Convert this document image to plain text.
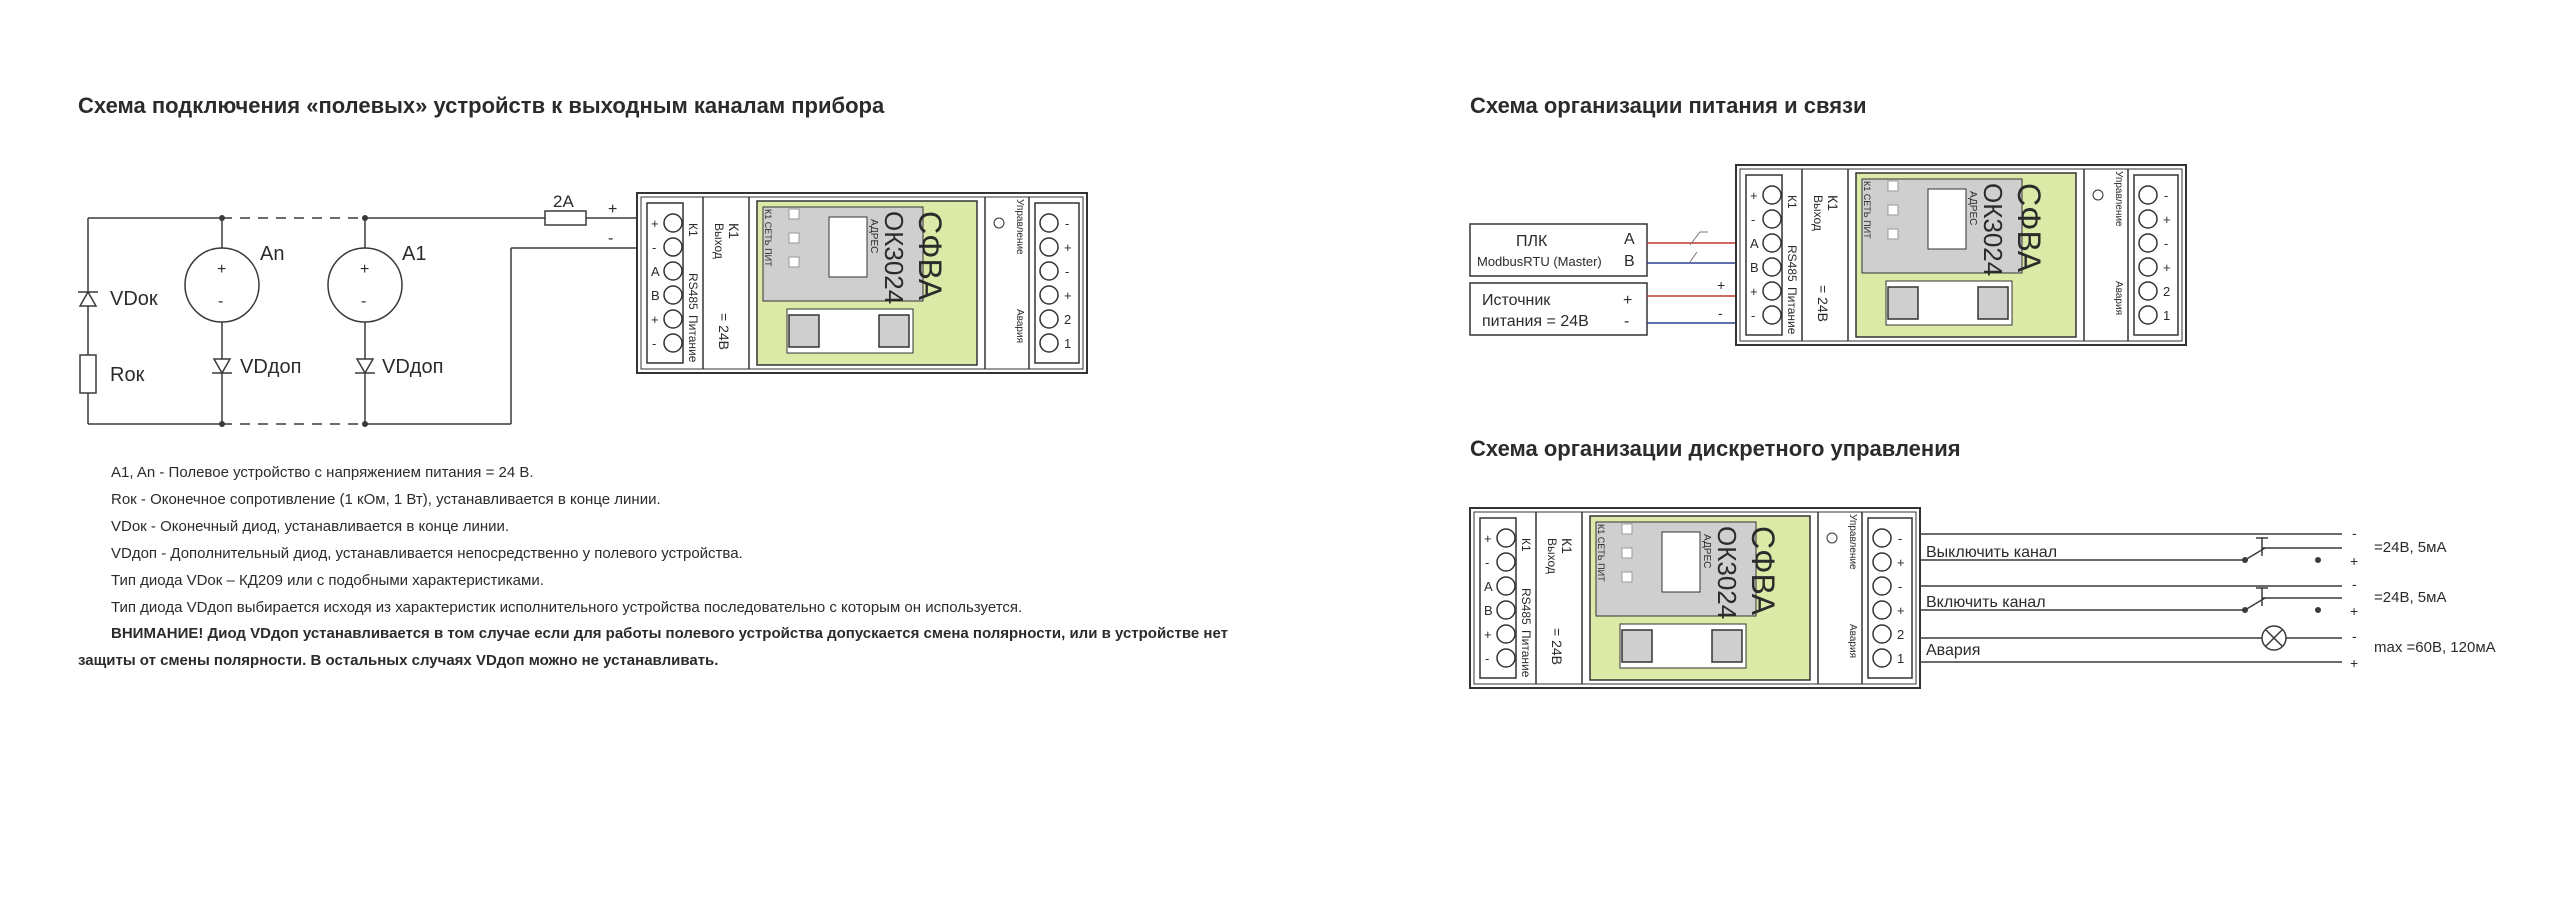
Схема подключения «полевых» устройств к выходным каналам прибора	Схема организации питания и связи
Схема организации дискретного управления
2A +
-
+
-
+
-
VDок
Rок
An	A1
VDдоп	VDдоп
+
-
А
В
+
-
-
+
-
+
2
1
К1
RS485
Питание
К1
Выход
= 24В
К1 СЕТЬ ПИТ	АДРЕС СФВА
ОК3024	Управление
Авария
ПЛК
ModbusRTU (Master)
A
B
Источник
питания = 24В
+
-
+
-
+
-
А
В
+
-
-
+
-
+
2
1
К1
RS485
Питание
К1
Выход
= 24В
К1 СЕТЬ ПИТ	АДРЕС СФВА
ОК3024	Управление
Авария
+
-
А
В
+
-
-
+
-
+
2
1
К1
RS485
Питание
К1
Выход
= 24В
К1 СЕТЬ ПИТ	АДРЕС СФВА
ОК3024	Управление
Авария
Выключить канал
Включить канал
Авария
-
+
-
+
-
+
=24В, 5мА
=24В, 5мА
max =60В, 120мА
A1, An - Полевое устройство с напряжением питания = 24 В.
Rок - Оконечное сопротивление (1 кОм, 1 Вт), устанавливается в конце линии.
VDок - Оконечный диод, устанавливается в конце линии.
VDдоп - Дополнительный диод, устанавливается непосредственно у полевого устройства.
Тип диода VDок – КД209 или с подобными характеристиками.
Тип диода VDдоп выбирается исходя из характеристик исполнительного устройства последовательно с которым он используется.
ВНИМАНИЕ! Диод VDдоп устанавливается в том случае если для работы полевого устройства допускается смена полярности, или в устройстве нет
защиты от смены полярности. В остальных случаях VDдоп можно не устанавливать.
